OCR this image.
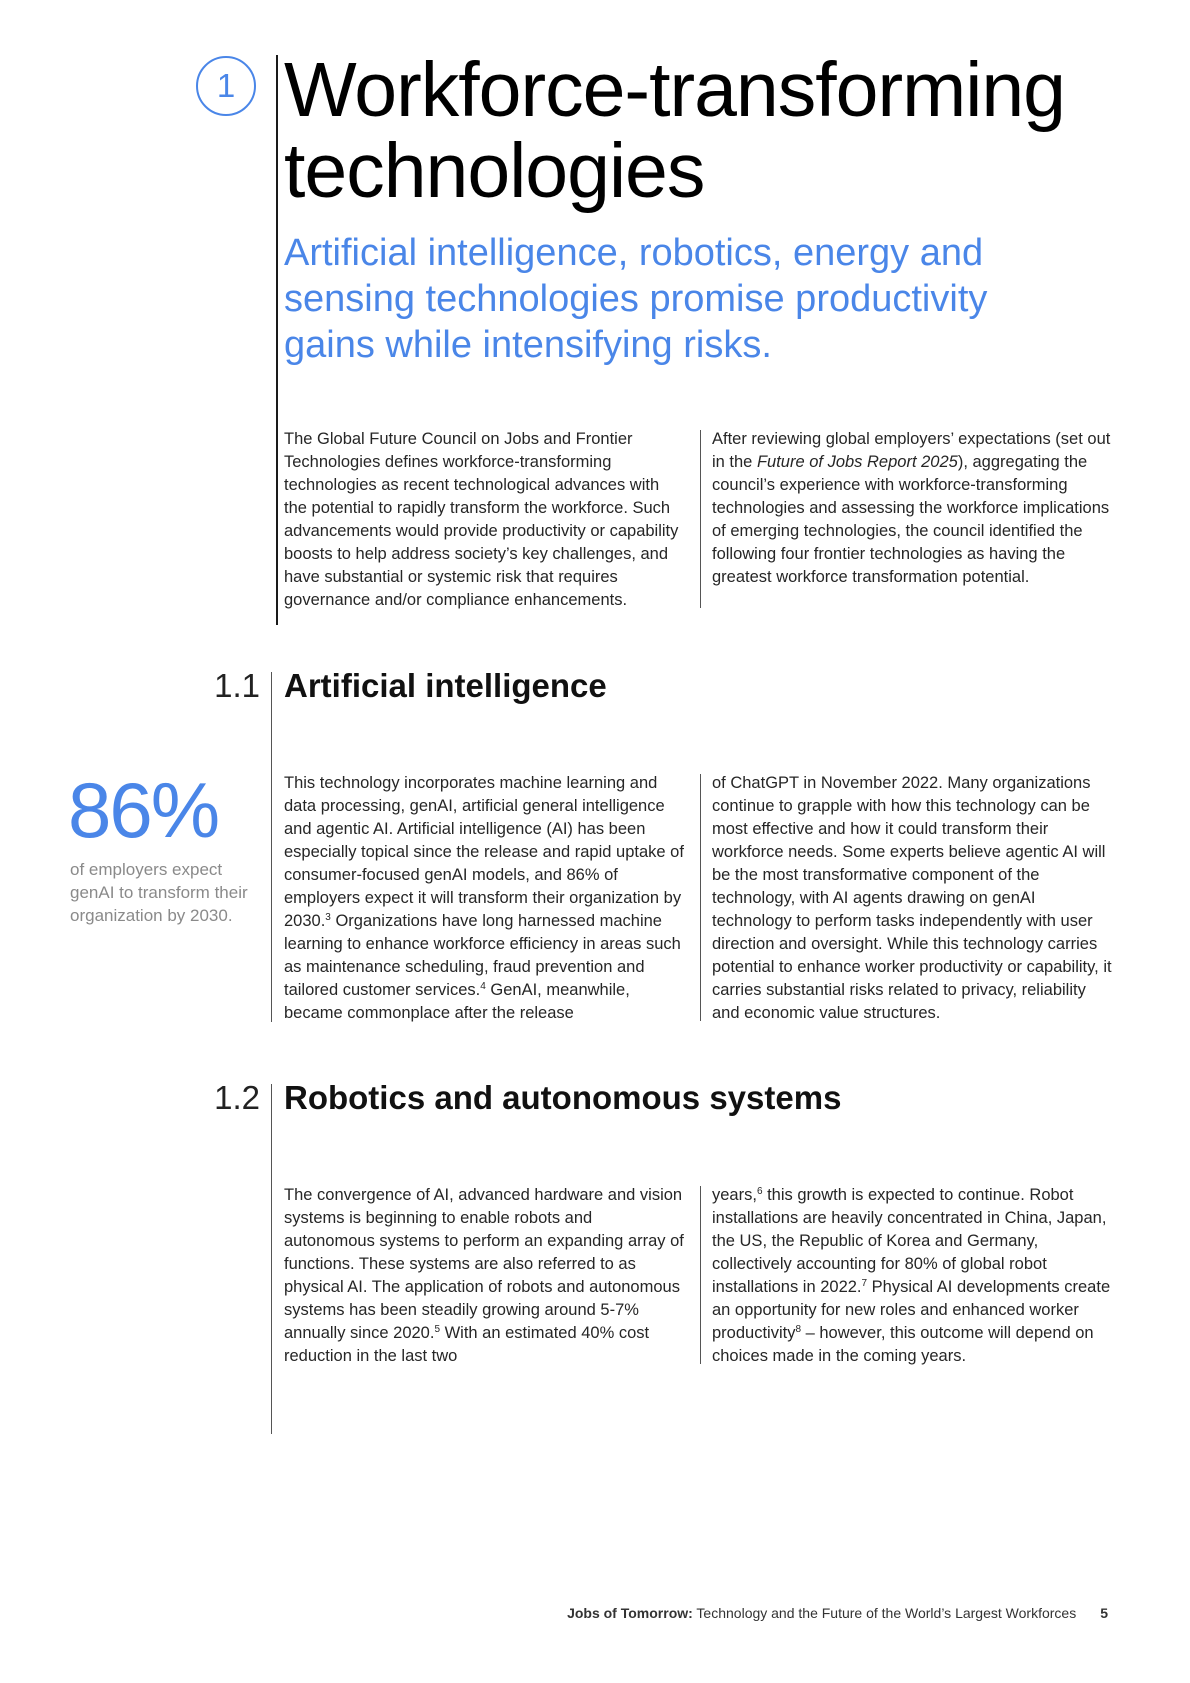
1 Workforce-transforming
technologies

Artificial intelligence, robotics, energy and sensing technologies promise productivity gains while intensifying risks.

The Global Future Council on Jobs and Frontier Technologies defines workforce-transforming technologies as recent technological advances with the potential to rapidly transform the workforce. Such advancements would provide productivity or capability boosts to help address society’s key challenges, and have substantial or systemic risk that requires governance and/or compliance enhancements.

After reviewing global employers’ expectations (set out in the Future of Jobs Report 2025), aggregating the council’s experience with workforce-transforming technologies and assessing the workforce implications of emerging technologies, the council identified the following four frontier technologies as having the greatest workforce transformation potential.

1.1 Artificial intelligence
86%
of employers expect genAI to transform their organization by 2030.

This technology incorporates machine learning and data processing, genAI, artificial general intelligence and agentic AI. Artificial intelligence (AI) has been especially topical since the release and rapid uptake of consumer-focused genAI models, and 86% of employers expect it will transform their organization by 2030.$^3$ Organizations have long harnessed machine learning to enhance workforce efficiency in areas such as maintenance scheduling, fraud prevention and tailored customer services.$^4$ GenAI, meanwhile, became commonplace after the release

of ChatGPT in November 2022. Many organizations continue to grapple with how this technology can be most effective and how it could transform their workforce needs. Some experts believe agentic AI will be the most transformative component of the technology, with AI agents drawing on genAI technology to perform tasks independently with user direction and oversight. While this technology carries potential to enhance worker productivity or capability, it carries substantial risks related to privacy, reliability and economic value structures.

1.2 Robotics and autonomous systems

The convergence of AI, advanced hardware and vision systems is beginning to enable robots and autonomous systems to perform an expanding array of functions. These systems are also referred to as physical AI. The application of robots and autonomous systems has been steadily growing around 5-7% annually since 2020.$^5$ With an estimated 40% cost reduction in the last two

years,$^6$ this growth is expected to continue. Robot installations are heavily concentrated in China, Japan, the US, the Republic of Korea and Germany, collectively accounting for 80% of global robot installations in 2022.$^7$ Physical AI developments create an opportunity for new roles and enhanced worker productivity$^8$ – however, this outcome will depend on choices made in the coming years.

Jobs of Tomorrow: Technology and the Future of the World’s Largest Workforces 5
